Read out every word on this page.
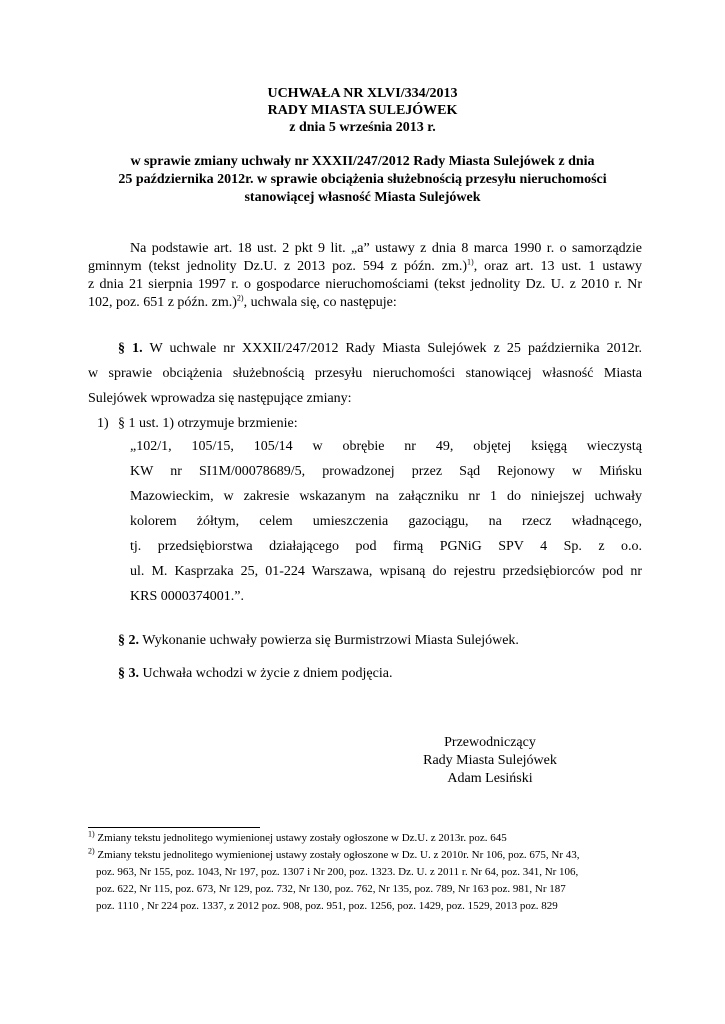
UCHWAŁA NR XLVI/334/2013
RADY MIASTA SULEJÓWEK
z dnia 5 września 2013 r.
w sprawie zmiany uchwały nr XXXII/247/2012 Rady Miasta Sulejówek z dnia
25 października 2012r. w sprawie obciążenia służebnością przesyłu nieruchomości
stanowiącej własność Miasta Sulejówek
Na podstawie art. 18 ust. 2 pkt 9 lit. „a” ustawy z dnia 8 marca 1990 r. o samorządzie
gminnym (tekst jednolity Dz.U. z 2013 poz. 594 z późn. zm.)$^{1)}$, oraz art. 13 ust. 1 ustawy
z dnia 21 sierpnia 1997 r. o gospodarce nieruchomościami (tekst jednolity Dz. U. z 2010 r. Nr
102, poz. 651 z późn. zm.)$^{2)}$, uchwala się, co następuje:
§ 1. W uchwale nr XXXII/247/2012 Rady Miasta Sulejówek z 25 października 2012r.
w sprawie obciążenia służebnością przesyłu nieruchomości stanowiącej własność Miasta
Sulejówek wprowadza się następujące zmiany:
1) § 1 ust. 1) otrzymuje brzmienie:
„102/1, 105/15, 105/14 w obrębie nr 49, objętej księgą wieczystą
KW nr SI1M/00078689/5, prowadzonej przez Sąd Rejonowy w Mińsku
Mazowieckim, w zakresie wskazanym na załączniku nr 1 do niniejszej uchwały
kolorem żółtym, celem umieszczenia gazociągu, na rzecz władnącego,
tj. przedsiębiorstwa działającego pod firmą PGNiG SPV 4 Sp. z o.o.
ul. M. Kasprzaka 25, 01-224 Warszawa, wpisaną do rejestru przedsiębiorców pod nr
KRS 0000374001.”.
§ 2. Wykonanie uchwały powierza się Burmistrzowi Miasta Sulejówek.
§ 3. Uchwała wchodzi w życie z dniem podjęcia.
Przewodniczący
Rady Miasta Sulejówek
Adam Lesiński
$^{1)}$ Zmiany tekstu jednolitego wymienionej ustawy zostały ogłoszone w Dz.U. z 2013r. poz. 645
$^{2)}$ Zmiany tekstu jednolitego wymienionej ustawy zostały ogłoszone w Dz. U. z 2010r. Nr 106, poz. 675, Nr 43,
poz. 963, Nr 155, poz. 1043, Nr 197, poz. 1307 i Nr 200, poz. 1323. Dz. U. z 2011 r. Nr 64, poz. 341, Nr 106,
poz. 622, Nr 115, poz. 673, Nr 129, poz. 732, Nr 130, poz. 762, Nr 135, poz. 789, Nr 163 poz. 981, Nr 187
poz. 1110 , Nr 224 poz. 1337, z 2012 poz. 908, poz. 951, poz. 1256, poz. 1429, poz. 1529, 2013 poz. 829
